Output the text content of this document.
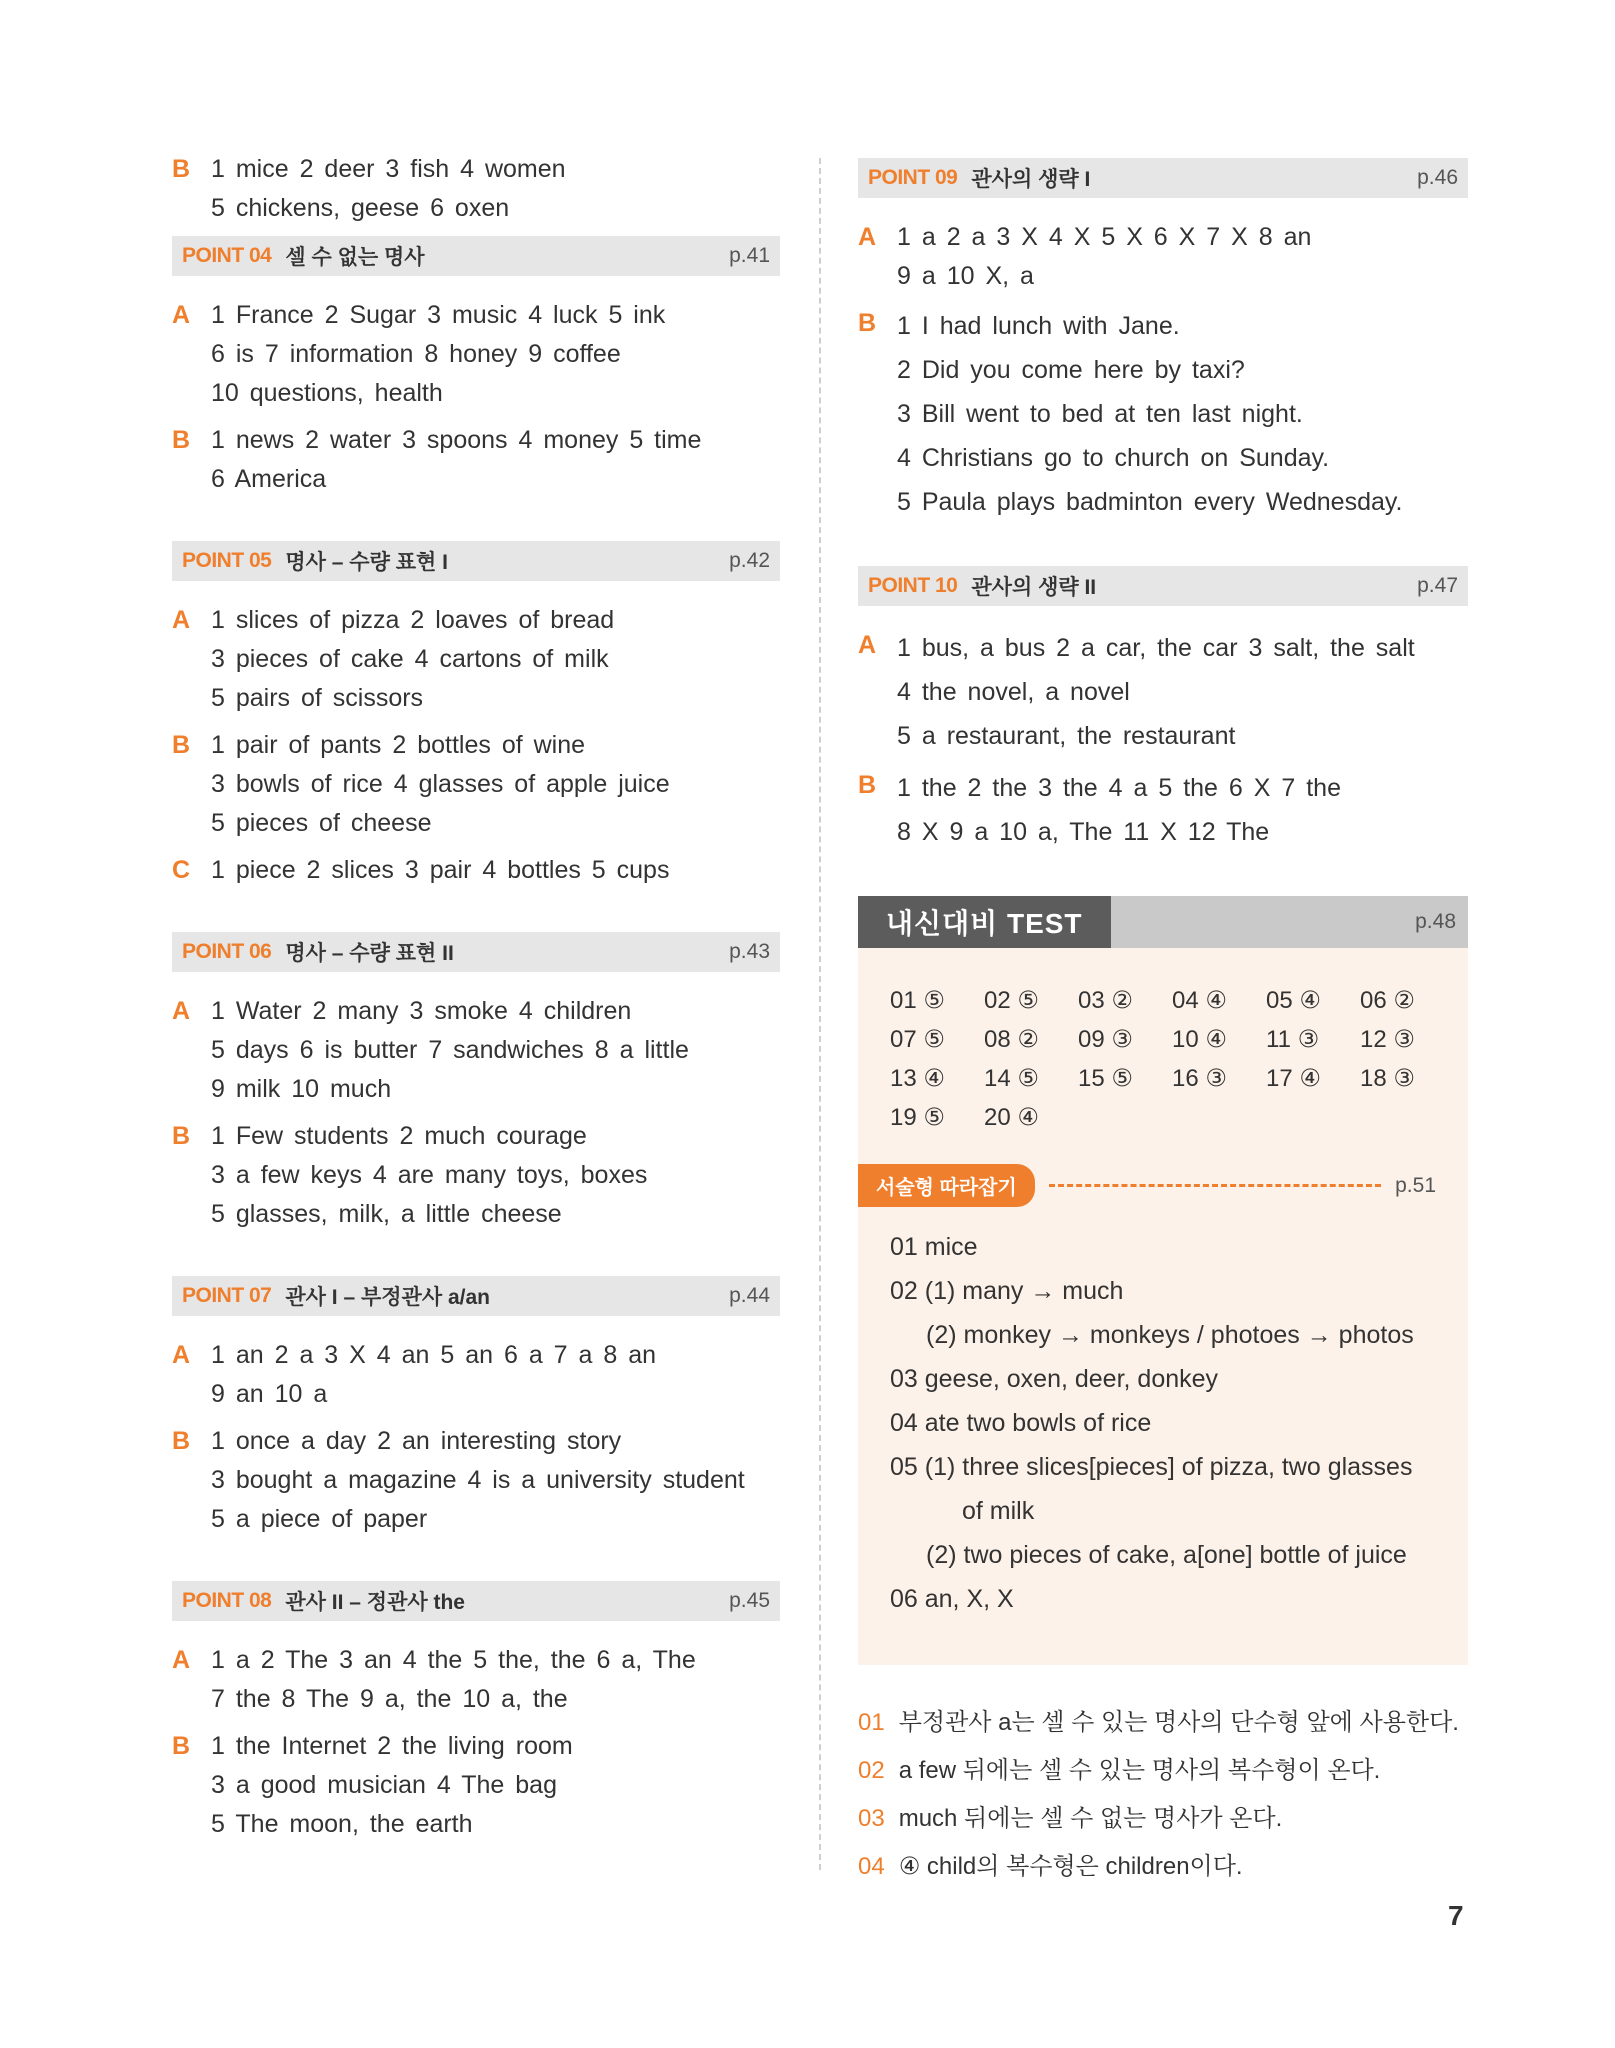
B 1 mice 2 deer 3 fish 4 women
5 chickens, geese 6 oxen
POINT 04 셀 수 없는 명사	p.41
A 1 France 2 Sugar 3 music 4 luck 5 ink
6 is 7 information 8 honey 9 coffee
10 questions, health
B 1 news 2 water 3 spoons 4 money 5 time
6 America
POINT 05 명사 – 수량 표현 I	p.42
A 1 slices of pizza 2 loaves of bread
3 pieces of cake 4 cartons of milk
5 pairs of scissors
B 1 pair of pants 2 bottles of wine
3 bowls of rice 4 glasses of apple juice
5 pieces of cheese
C 1 piece 2 slices 3 pair 4 bottles 5 cups
POINT 06 명사 – 수량 표현 II	p.43
A 1 Water 2 many 3 smoke 4 children
5 days 6 is butter 7 sandwiches 8 a little
9 milk 10 much
B 1 Few students 2 much courage
3 a few keys 4 are many toys, boxes
5 glasses, milk, a little cheese
POINT 07 관사 I – 부정관사 a/an	p.44
A 1 an 2 a 3 X 4 an 5 an 6 a 7 a 8 an
9 an 10 a
B 1 once a day 2 an interesting story
3 bought a magazine 4 is a university student
5 a piece of paper
POINT 08 관사 II – 정관사 the	p.45
A 1 a 2 The 3 an 4 the 5 the, the 6 a, The
7 the 8 The 9 a, the 10 a, the
B 1 the Internet 2 the living room
3 a good musician 4 The bag
5 The moon, the earth
POINT 09 관사의 생략 I	p.46
A 1 a 2 a 3 X 4 X 5 X 6 X 7 X 8 an
9 a 10 X, a
B 1 I had lunch with Jane.
2 Did you come here by taxi?
3 Bill went to bed at ten last night.
4 Christians go to church on Sunday.
5 Paula plays badminton every Wednesday.
POINT 10 관사의 생략 II	p.47
A 1 bus, a bus 2 a car, the car 3 salt, the salt
4 the novel, a novel
5 a restaurant, the restaurant
B 1 the 2 the 3 the 4 a 5 the 6 X 7 the
8 X 9 a 10 a, The 11 X 12 The
내신대비 TEST	p.48
01 ⑤	02 ⑤	03 ②	04 ④	05 ④	06 ②
07 ⑤	08 ②	09 ③	10 ④	11 ③	12 ③
13 ④	14 ⑤	15 ⑤	16 ③	17 ④	18 ③
19 ⑤	20 ④
서술형 따라잡기	p.51
01 mice
02 (1) many → much
(2) monkey → monkeys / photoes → photos
03 geese, oxen, deer, donkey
04 ate two bowls of rice
05 (1) three slices[pieces] of pizza, two glasses
of milk
(2) two pieces of cake, a[one] bottle of juice
06 an, X, X
01 부정관사 a는 셀 수 있는 명사의 단수형 앞에 사용한다.
02 a few 뒤에는 셀 수 있는 명사의 복수형이 온다.
03 much 뒤에는 셀 수 없는 명사가 온다.
04 ④ child의 복수형은 children이다.
7
